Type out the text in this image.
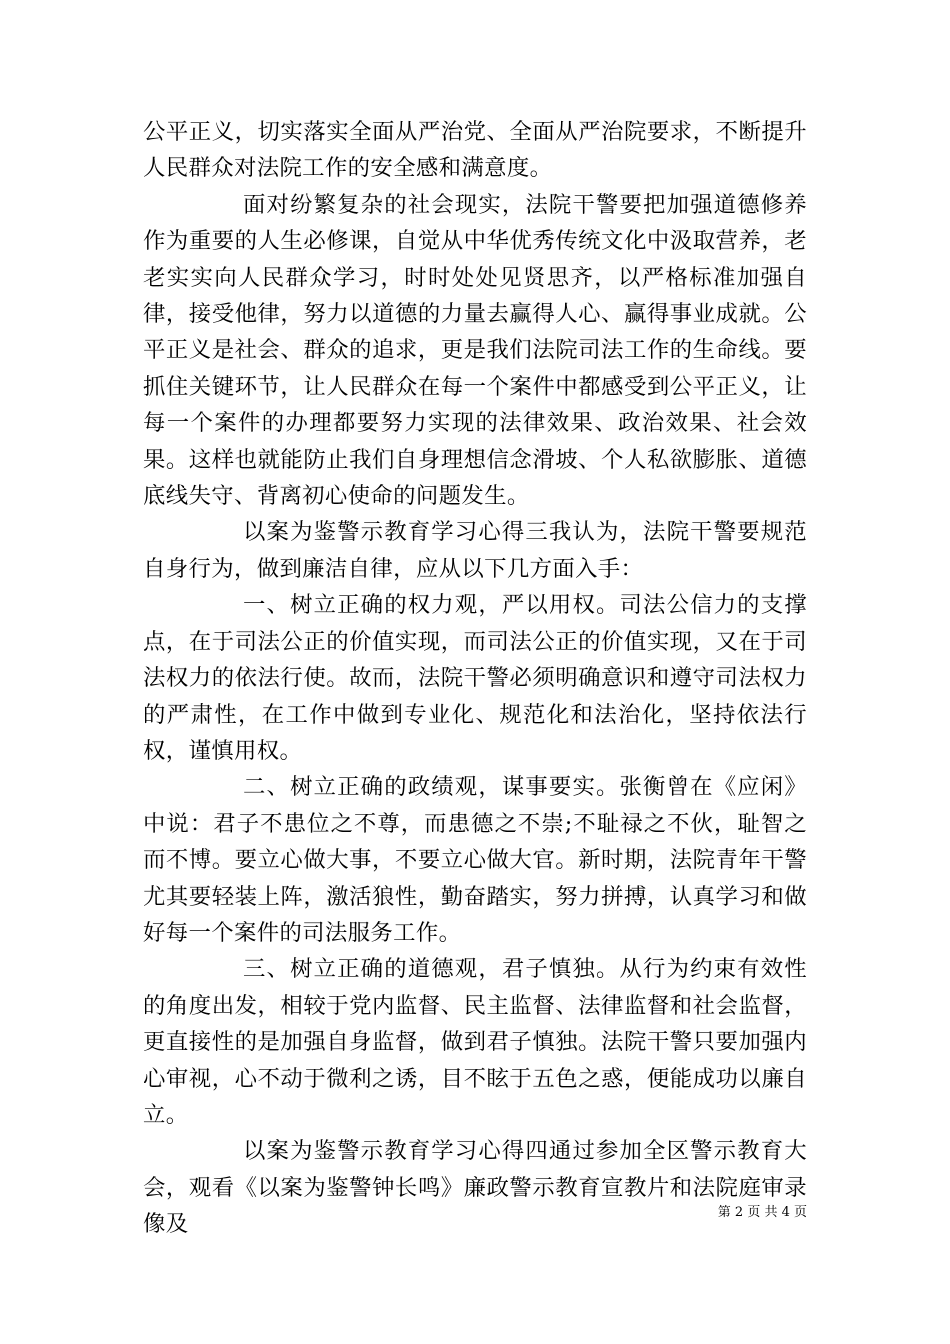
公平正义，切实落实全面从严治党、全面从严治院要求，不断提升人民群众对法院工作的安全感和满意度。

面对纷繁复杂的社会现实，法院干警要把加强道德修养作为重要的人生必修课，自觉从中华优秀传统文化中汲取营养，老老实实向人民群众学习，时时处处见贤思齐，以严格标准加强自律，接受他律，努力以道德的力量去赢得人心、赢得事业成就。公平正义是社会、群众的追求，更是我们法院司法工作的生命线。要抓住关键环节，让人民群众在每一个案件中都感受到公平正义，让每一个案件的办理都要努力实现的法律效果、政治效果、社会效果。这样也就能防止我们自身理想信念滑坡、个人私欲膨胀、道德底线失守、背离初心使命的问题发生。

以案为鉴警示教育学习心得三我认为，法院干警要规范自身行为，做到廉洁自律，应从以下几方面入手：

一、树立正确的权力观，严以用权。司法公信力的支撑点，在于司法公正的价值实现，而司法公正的价值实现，又在于司法权力的依法行使。故而，法院干警必须明确意识和遵守司法权力的严肃性，在工作中做到专业化、规范化和法治化，坚持依法行权，谨慎用权。

二、树立正确的政绩观，谋事要实。张衡曾在《应闲》中说：君子不患位之不尊，而患德之不崇;不耻禄之不伙，耻智之而不博。要立心做大事，不要立心做大官。新时期，法院青年干警尤其要轻装上阵，激活狼性，勤奋踏实，努力拼搏，认真学习和做好每一个案件的司法服务工作。

三、树立正确的道德观，君子慎独。从行为约束有效性的角度出发，相较于党内监督、民主监督、法律监督和社会监督，更直接性的是加强自身监督，做到君子慎独。法院干警只要加强内心审视，心不动于微利之诱，目不眩于五色之惑，便能成功以廉自立。

以案为鉴警示教育学习心得四通过参加全区警示教育大会，观看《以案为鉴警钟长鸣》廉政警示教育宣教片和法院庭审录像及	第 2 页 共 4 页
